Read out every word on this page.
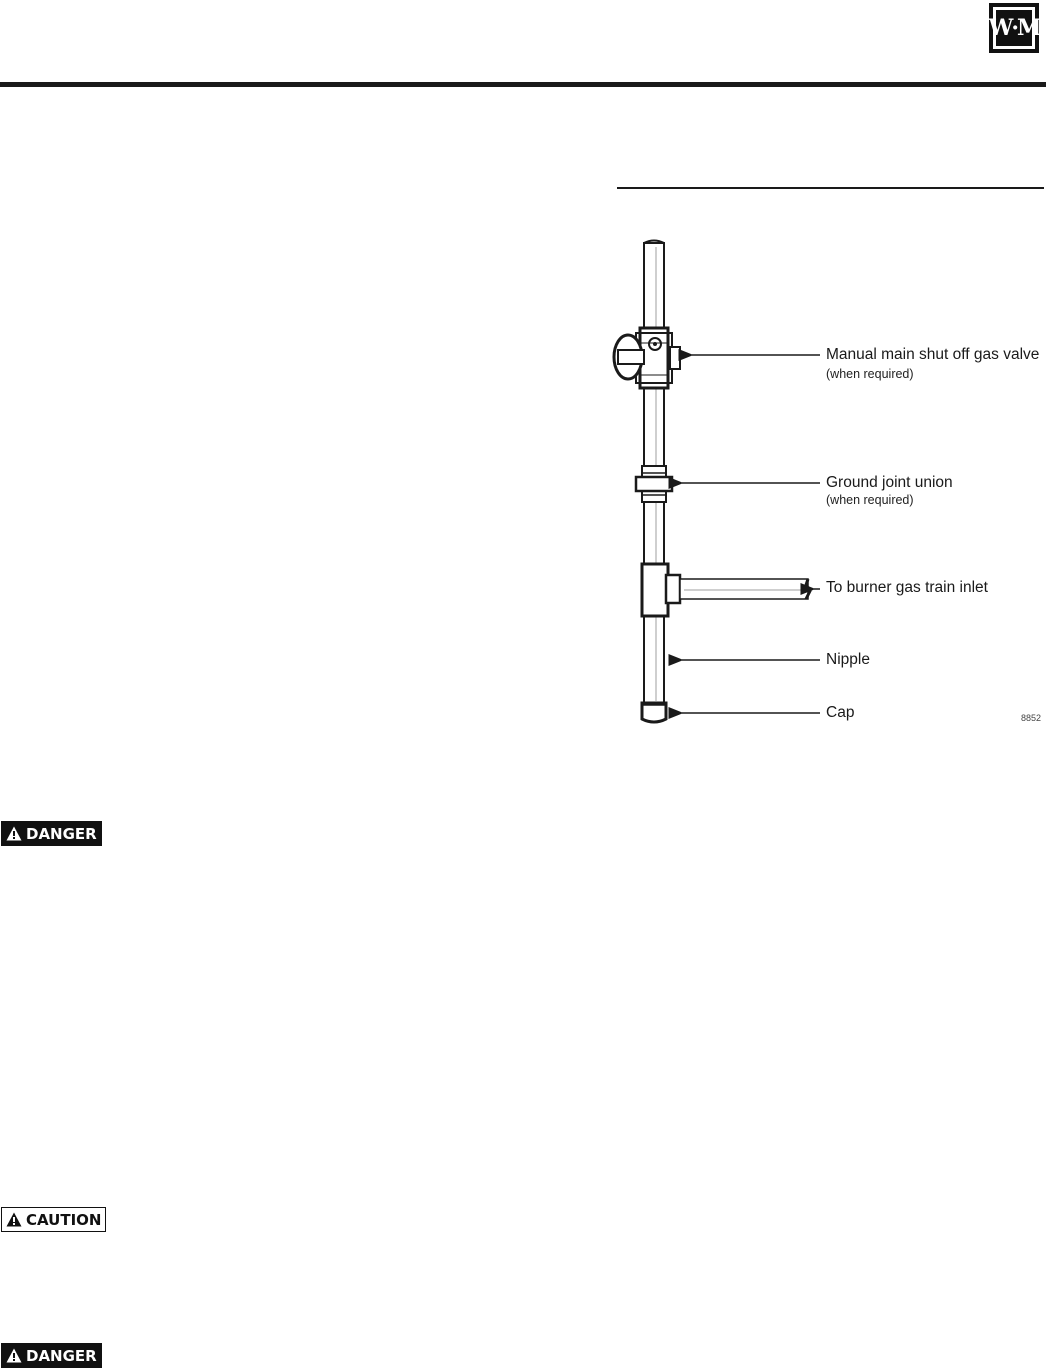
W·M
Manual main shut off gas valve
(when required)
Ground joint union
(when required)
To burner gas train inlet
Nipple
Cap	8852
DANGER
CAUTION
DANGER
